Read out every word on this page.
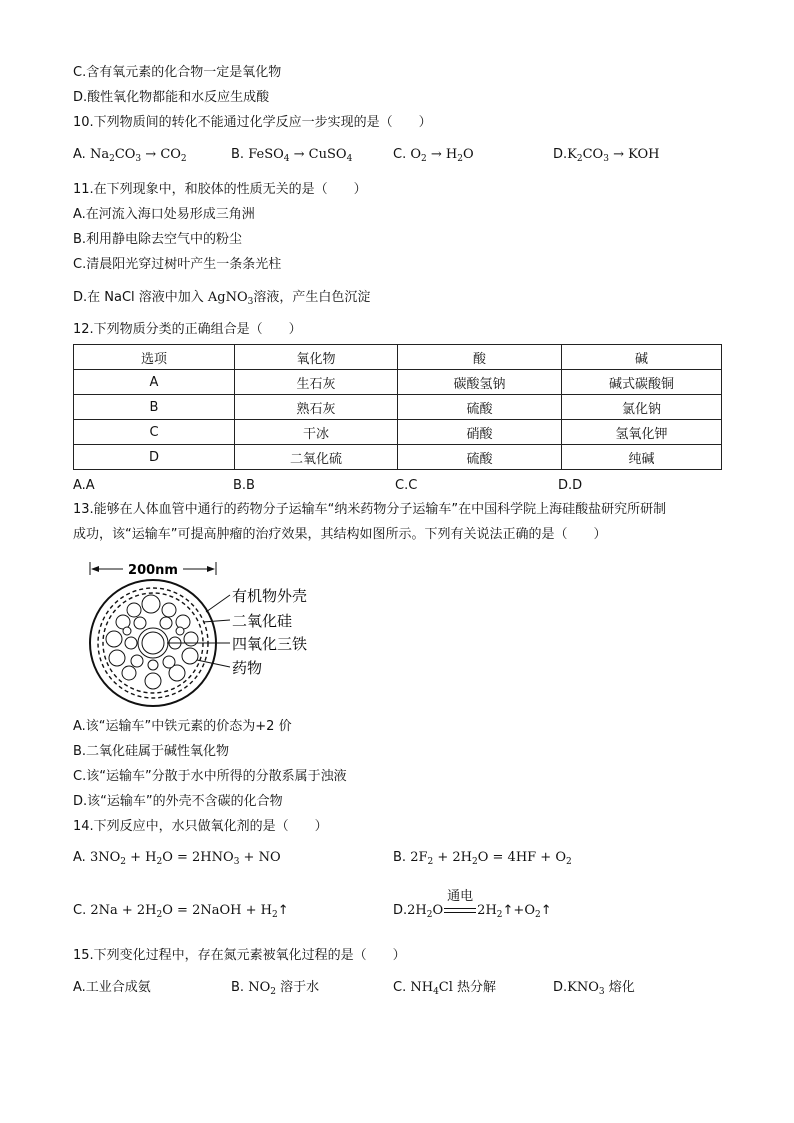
C.含有氧元素的化合物一定是氧化物
D.酸性氧化物都能和水反应生成酸
10.下列物质间的转化不能通过化学反应一步实现的是（　　）
A. $Na_2CO_3 \to CO_2$	B. FeSO$_4$ → CuSO$_4$	C. $O_2 \to H_2O$	$D.K_2CO_3$ → KOH
11.在下列现象中，和胶体的性质无关的是（　　）
A.在河流入海口处易形成三角洲
B.利用静电除去空气中的粉尘
C.清晨阳光穿过树叶产生一条条光柱
D.在 NaCl 溶液中加入 AgNO$_3$溶液，产生白色沉淀
12.下列物质分类的正确组合是（　　）
选项	氧化物	酸	碱
A	生石灰	碳酸氢钠	碱式碳酸铜
B	熟石灰	硫酸	氯化钠
C	干冰	硝酸	氢氧化钾
D	二氧化硫	硫酸	纯碱
A.A	B.B	C.C	D.D
13.能够在人体血管中通行的药物分子运输车“纳米药物分子运输车”在中国科学院上海硅酸盐研究所研制
成功，该“运输车”可提高肿瘤的治疗效果，其结构如图所示。下列有关说法正确的是（　　）
200nm
有机物外壳
二氧化硅
四氧化三铁
药物
A.该“运输车”中铁元素的价态为+2 价
B.二氧化硅属于碱性氧化物
C.该“运输车”分散于水中所得的分散系属于浊液
D.该“运输车”的外壳不含碳的化合物
14.下列反应中，水只做氧化剂的是（　　）
A. $3NO_2 + H_2O = 2HNO_3$ + NO	B. $2F_2 + 2H_2O = 4HF + O_2$
C. $2Na + 2H_2O$ = 2NaOH + $H_2↑$	$D.2H_2O$
通电
$2H_2↑+O_2↑$
15.下列变化过程中，存在氮元素被氧化过程的是（　　）
A.工业合成氨	B. $NO_2$ 溶于水	C. $NH_4Cl$ 热分解	$D.KNO_3$ 熔化
